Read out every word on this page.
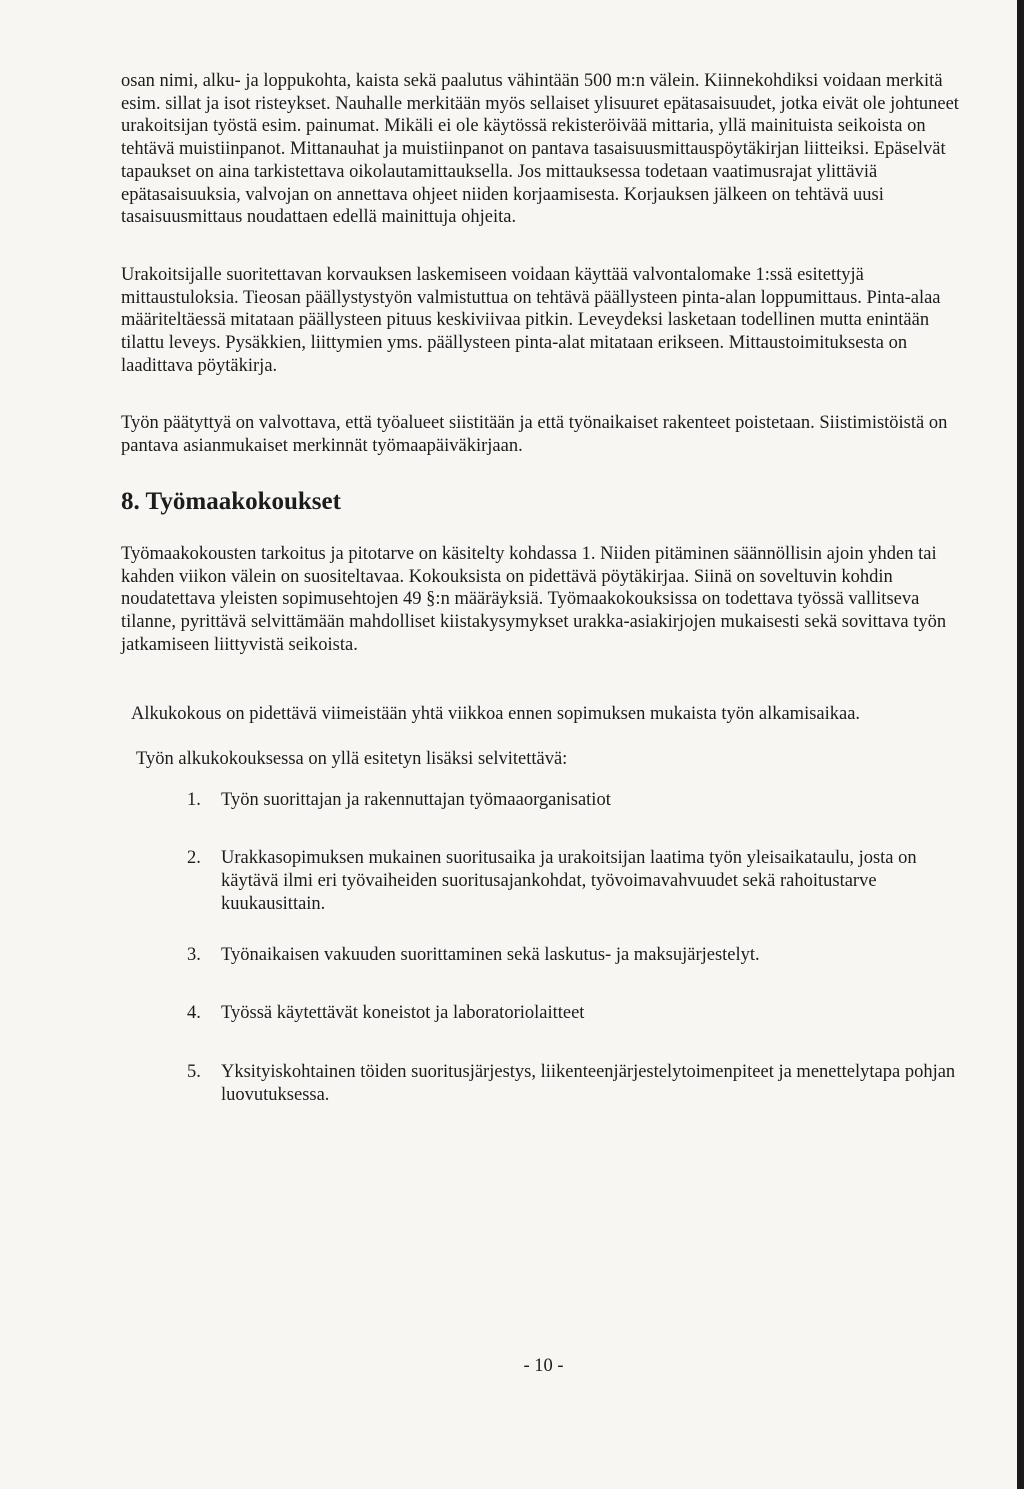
osan nimi, alku- ja loppukohta, kaista sekä paalutus vähintään 500 m:n välein. Kiinnekohdiksi voidaan merkitä esim. sillat ja isot risteykset. Nauhalle merkitään myös sellaiset ylisuuret epätasaisuudet, jotka eivät ole johtuneet urakoitsijan työstä esim. painumat. Mikäli ei ole käytössä rekisteröivää mittaria, yllä mainituista seikoista on tehtävä muistiinpanot. Mittanauhat ja muistiinpanot on pantava tasaisuusmittauspöytäkirjan liitteiksi. Epäselvät tapaukset on aina tarkistettava oikolautamittauksella. Jos mittauksessa todetaan vaatimusrajat ylittäviä epätasaisuuksia, valvojan on annettava ohjeet niiden korjaamisesta. Korjauksen jälkeen on tehtävä uusi tasaisuusmittaus noudattaen edellä mainittuja ohjeita.

Urakoitsijalle suoritettavan korvauksen laskemiseen voidaan käyttää valvontalomake 1:ssä esitettyjä mittaustuloksia. Tieosan päällystystyön valmistuttua on tehtävä päällysteen pinta-alan loppumittaus. Pinta-alaa määriteltäessä mitataan päällysteen pituus keskiviivaa pitkin. Leveydeksi lasketaan todellinen mutta enintään tilattu leveys. Pysäkkien, liittymien yms. päällysteen pinta-alat mitataan erikseen. Mittaustoimituksesta on laadittava pöytäkirja.

Työn päätyttyä on valvottava, että työalueet siistitään ja että työnaikaiset rakenteet poistetaan. Siistimistöistä on pantava asianmukaiset merkinnät työmaapäiväkirjaan.

8. Työmaakokoukset

Työmaakokousten tarkoitus ja pitotarve on käsitelty kohdassa 1. Niiden pitäminen säännöllisin ajoin yhden tai kahden viikon välein on suositeltavaa. Kokouksista on pidettävä pöytäkirjaa. Siinä on soveltuvin kohdin noudatettava yleisten sopimusehtojen 49 §:n määräyksiä. Työmaakokouksissa on todettava työssä vallitseva tilanne, pyrittävä selvittämään mahdolliset kiistakysymykset urakka-asiakirjojen mukaisesti sekä sovittava työn jatkamiseen liittyvistä seikoista.

Alkukokous on pidettävä viimeistään yhtä viikkoa ennen sopimuksen mukaista työn alkamisaikaa.

Työn alkukokouksessa on yllä esitetyn lisäksi selvitettävä:

1.	Työn suorittajan ja rakennuttajan työmaaorganisatiot
2.	Urakkasopimuksen mukainen suoritusaika ja urakoitsijan laatima työn yleisaikataulu, josta on käytävä ilmi eri työvaiheiden suoritusajankohdat, työvoimavahvuudet sekä rahoitustarve kuukausittain.
3.	Työnaikaisen vakuuden suorittaminen sekä laskutus- ja maksujärjestelyt.
4.	Työssä käytettävät koneistot ja laboratoriolaitteet
5.	Yksityiskohtainen töiden suoritusjärjestys, liikenteenjärjestelytoimenpiteet ja menettelytapa pohjan luovutuksessa.
- 10 -
